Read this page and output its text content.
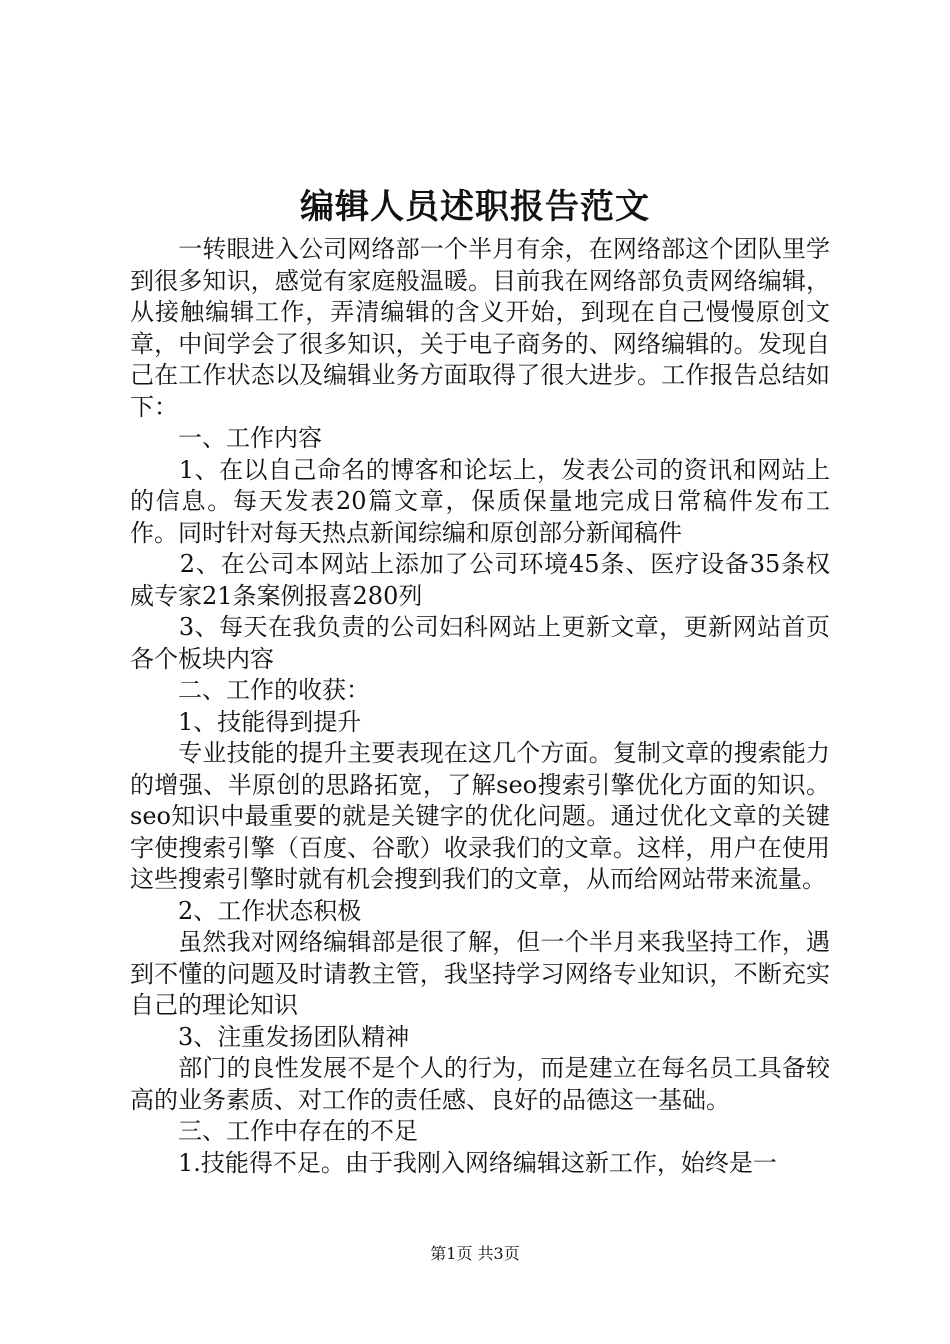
编辑人员述职报告范文

　　一转眼进入公司网络部一个半月有余，在网络部这个团队里学到很多知识，感觉有家庭般温暖。目前我在网络部负责网络编辑，从接触编辑工作，弄清编辑的含义开始，到现在自己慢慢原创文章，中间学会了很多知识，关于电子商务的、网络编辑的。发现自己在工作状态以及编辑业务方面取得了很大进步。工作报告总结如下：

　　一、工作内容

　　1、在以自己命名的博客和论坛上，发表公司的资讯和网站上的信息。每天发表20篇文章，保质保量地完成日常稿件发布工作。同时针对每天热点新闻综编和原创部分新闻稿件

　　2、在公司本网站上添加了公司环境45条、医疗设备35条权威专家21条案例报喜280列

　　3、每天在我负责的公司妇科网站上更新文章，更新网站首页各个板块内容

　　二、工作的收获：

　　1、技能得到提升

　　专业技能的提升主要表现在这几个方面。复制文章的搜索能力的增强、半原创的思路拓宽，了解seo搜索引擎优化方面的知识。seo知识中最重要的就是关键字的优化问题。通过优化文章的关键字使搜索引擎（百度、谷歌）收录我们的文章。这样，用户在使用这些搜索引擎时就有机会搜到我们的文章，从而给网站带来流量。

　　2、工作状态积极

　　虽然我对网络编辑部是很了解，但一个半月来我坚持工作，遇到不懂的问题及时请教主管，我坚持学习网络专业知识，不断充实自己的理论知识

　　3、注重发扬团队精神

　　部门的良性发展不是个人的行为，而是建立在每名员工具备较高的业务素质、对工作的责任感、良好的品德这一基础。

　　三、工作中存在的不足

　　1.技能得不足。由于我刚入网络编辑这新工作，始终是一

第1页 共3页
